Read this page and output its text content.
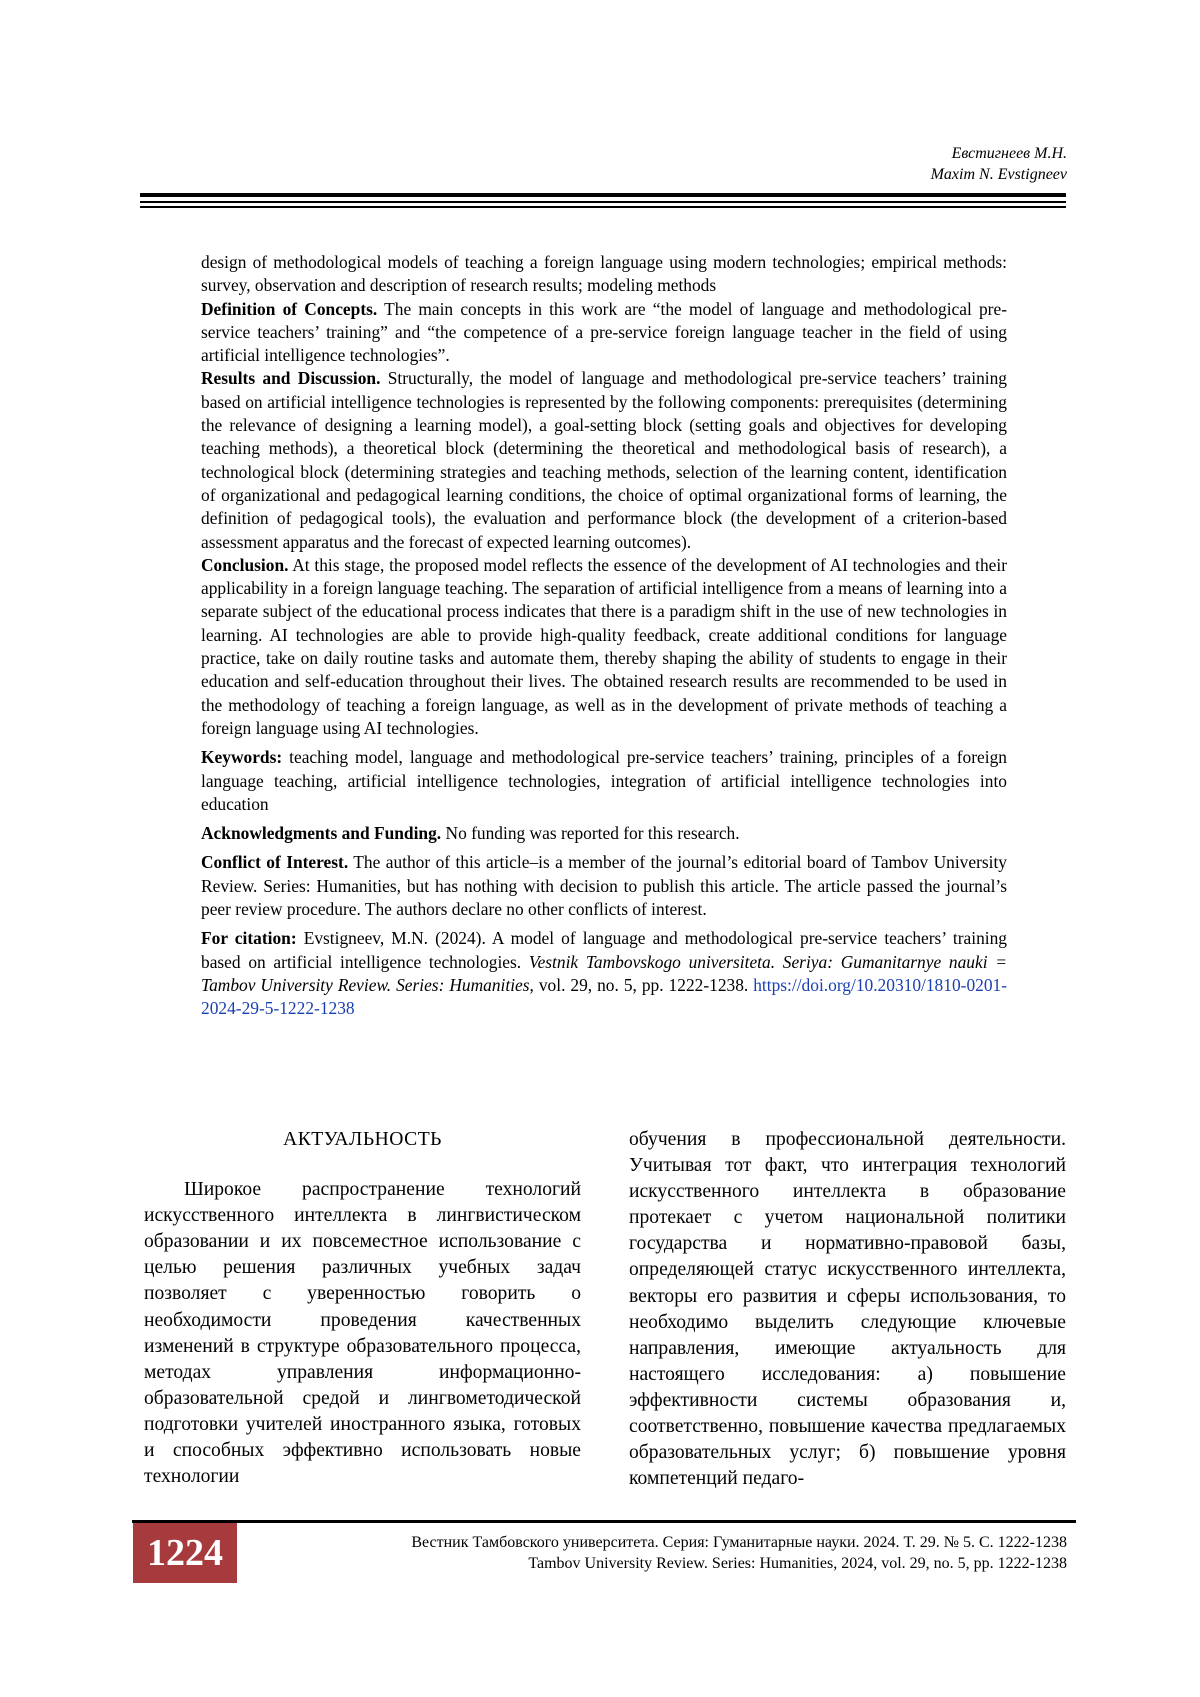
Евстигнеев М.Н.
Maxim N. Evstigneev

design of methodological models of teaching a foreign language using modern technologies; empirical methods: survey, observation and description of research results; modeling methods

Definition of Concepts. The main concepts in this work are “the model of language and methodological pre-service teachers’ training” and “the competence of a pre-service foreign language teacher in the field of using artificial intelligence technologies”.

Results and Discussion. Structurally, the model of language and methodological pre-service teachers’ training based on artificial intelligence technologies is represented by the following components: prerequisites (determining the relevance of designing a learning model), a goal-setting block (setting goals and objectives for developing teaching methods), a theoretical block (determining the theoretical and methodological basis of research), a technological block (determining strategies and teaching methods, selection of the learning content, identification of organizational and pedagogical learning conditions, the choice of optimal organizational forms of learning, the definition of pedagogical tools), the evaluation and performance block (the development of a criterion-based assessment apparatus and the forecast of expected learning outcomes).

Conclusion. At this stage, the proposed model reflects the essence of the development of AI technologies and their applicability in a foreign language teaching. The separation of artificial intelligence from a means of learning into a separate subject of the educational process indicates that there is a paradigm shift in the use of new technologies in learning. AI technologies are able to provide high-quality feedback, create additional conditions for language practice, take on daily routine tasks and automate them, thereby shaping the ability of students to engage in their education and self-education throughout their lives. The obtained research results are recommended to be used in the methodology of teaching a foreign language, as well as in the development of private methods of teaching a foreign language using AI technologies.

Keywords: teaching model, language and methodological pre-service teachers’ training, principles of a foreign language teaching, artificial intelligence technologies, integration of artificial intelligence technologies into education

Acknowledgments and Funding. No funding was reported for this research.

Conflict of Interest. The author of this article–is a member of the journal’s editorial board of Tambov University Review. Series: Humanities, but has nothing with decision to publish this article. The article passed the journal’s peer review procedure. The authors declare no other conflicts of interest.

For citation: Evstigneev, M.N. (2024). A model of language and methodological pre-service teachers’ training based on artificial intelligence technologies. Vestnik Tambovskogo universiteta. Seriya: Gumanitarnye nauki = Tambov University Review. Series: Humanities, vol. 29, no. 5, pp. 1222-1238. https://doi.org/10.20310/1810-0201-2024-29-5-1222-1238

АКТУАЛЬНОСТЬ

Широкое распространение технологий искусственного интеллекта в лингвистическом образовании и их повсеместное использование с целью решения различных учебных задач позволяет с уверенностью говорить о необходимости проведения качественных изменений в структуре образовательного процесса, методах управления информационно-образовательной средой и лингвометодической подготовки учителей иностранного языка, готовых и способных эффективно использовать новые технологии

обучения в профессиональной деятельности. Учитывая тот факт, что интеграция технологий искусственного интеллекта в образование протекает с учетом национальной политики государства и нормативно-правовой базы, определяющей статус искусственного интеллекта, векторы его развития и сферы использования, то необходимо выделить следующие ключевые направления, имеющие актуальность для настоящего исследования: а) повышение эффективности системы образования и, соответственно, повышение качества предлагаемых образовательных услуг; б) повышение уровня компетенций педаго-

1224	Вестник Тамбовского университета. Серия: Гуманитарные науки. 2024. Т. 29. № 5. С. 1222-1238
Tambov University Review. Series: Humanities, 2024, vol. 29, no. 5, pp. 1222-1238
